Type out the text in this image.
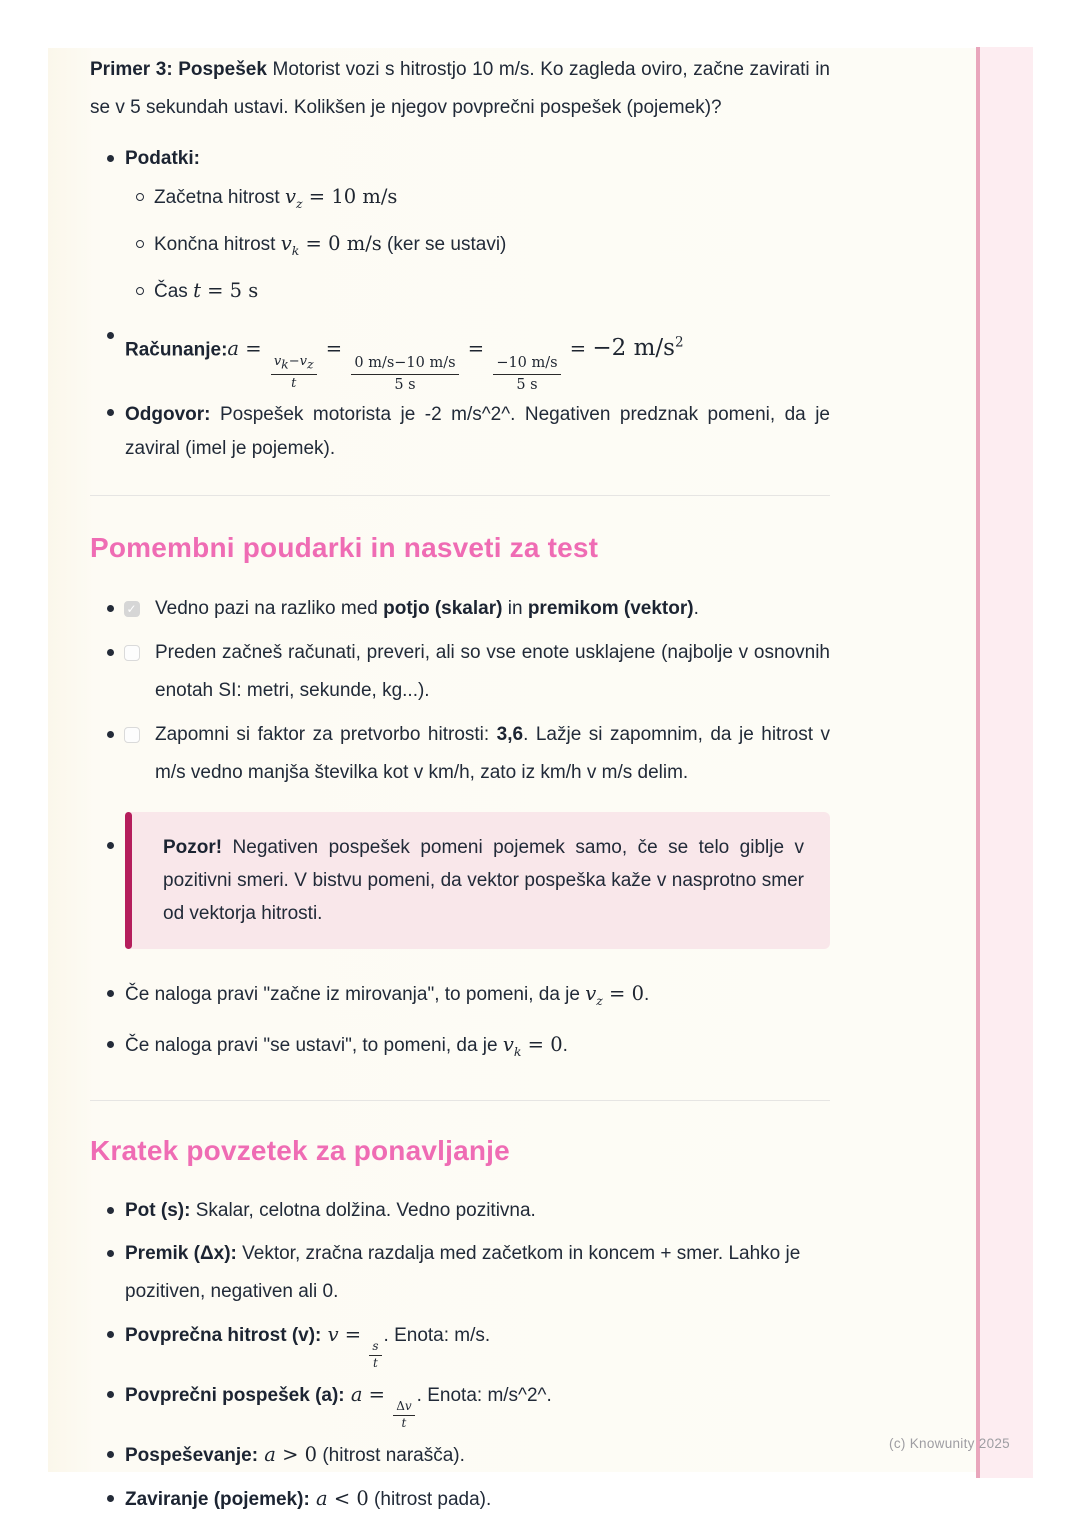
Primer 3: Pospešek Motorist vozi s hitrostjo 10 m/s. Ko zagleda oviro, začne zavirati in se v 5 sekundah ustavi. Kolikšen je njegov povprečni pospešek (pojemek)?

Podatki:
Začetna hitrost $v_z = 10$ m/s
Končna hitrost $v_k = 0$ m/s (ker se ustavi)
Čas t = 5 s
Računanje:a =
$\frac{v_k-v_z}{t}$
=
$\frac{0 m/s-10 m/s}{5 s}$
=
$\frac{-10 m/s}{5 s}$
= −2 $m/s^2$
Odgovor: Pospešek motorista je -2 m/s^2^. Negativen predznak pomeni, da je zaviral (imel je pojemek).
Pomembni poudarki in nasveti za test
✓ Vedno pazi na razliko med potjo (skalar) in premikom (vektor).
Preden začneš računati, preveri, ali so vse enote usklajene (najbolje v osnovnih enotah SI: metri, sekunde, kg...).
Zapomni si faktor za pretvorbo hitrosti: 3,6. Lažje si zapomnim, da je hitrost v m/s vedno manjša številka kot v km/h, zato iz km/h v m/s delim.

Pozor! Negativen pospešek pomeni pojemek samo, če se telo giblje v pozitivni smeri. V bistvu pomeni, da vektor pospeška kaže v nasprotno smer od vektorja hitrosti.

Če naloga pravi "začne iz mirovanja", to pomeni, da je $v_z = 0$.
Če naloga pravi "se ustavi", to pomeni, da je $v_k = 0$.
Kratek povzetek za ponavljanje
Pot (s): Skalar, celotna dolžina. Vedno pozitivna.
Premik (Δx): Vektor, zračna razdalja med začetkom in koncem + smer. Lahko je pozitiven, negativen ali 0.
Povprečna hitrost (v): v =
$\frac{s}{t}$
. Enota: m/s.
Povprečni pospešek (a): a =
$\frac{\Delta v}{t}$
. Enota: m/s^2^.
Pospeševanje: a > 0 (hitrost narašča).
Zaviranje (pojemek): a < 0 (hitrost pada).
(c) Knowunity 2025
